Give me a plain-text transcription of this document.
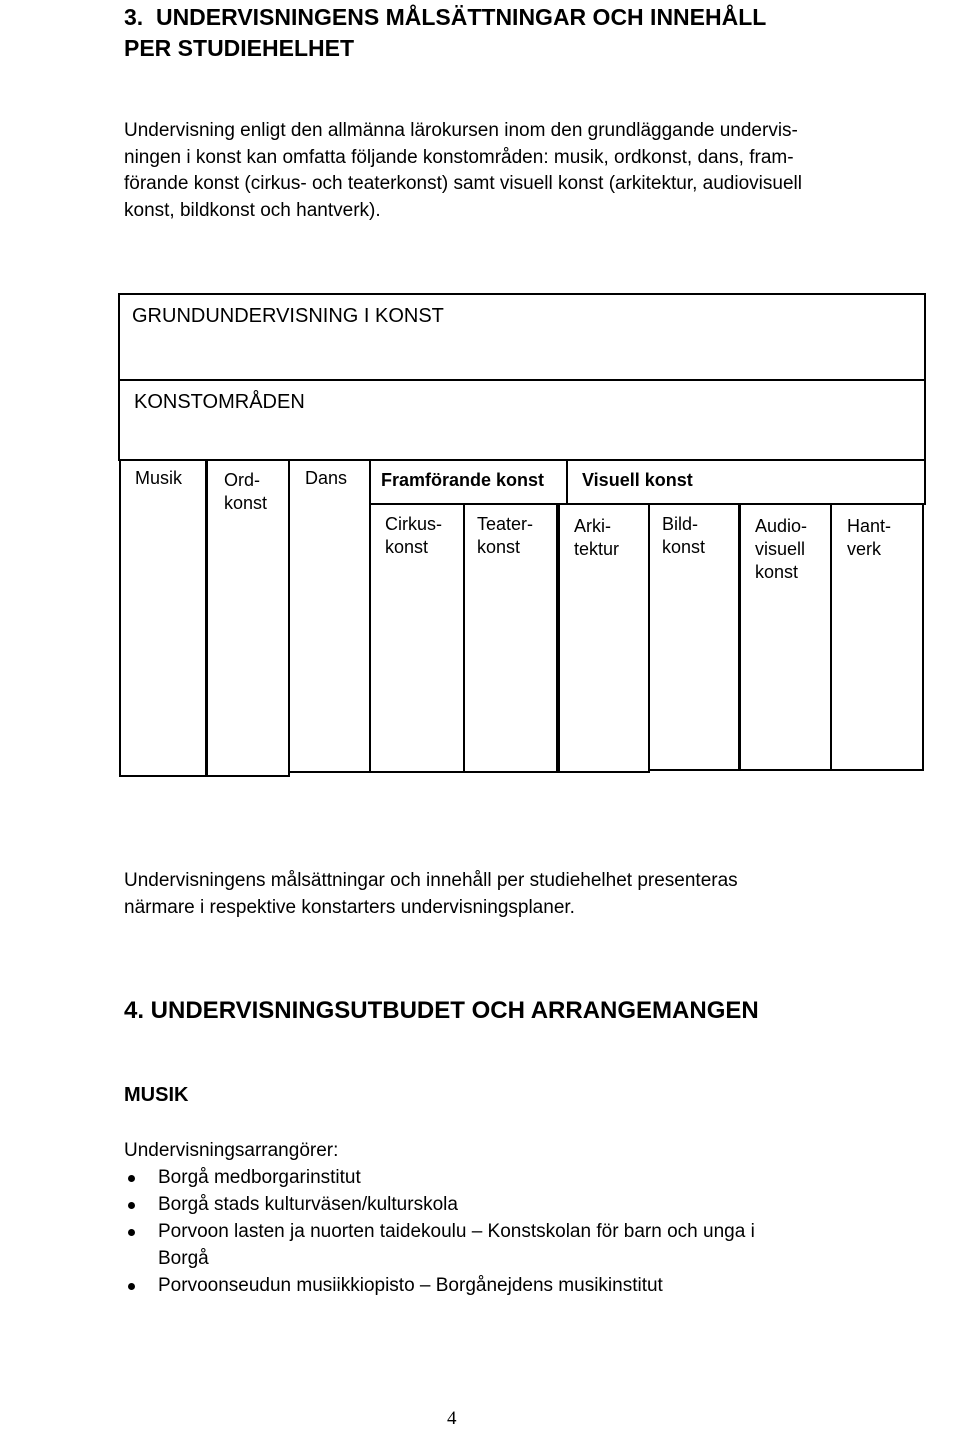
3.  UNDERVISNINGENS MÅLSÄTTNINGAR OCH INNEHÅLL
PER STUDIEHELHET
Undervisning enligt den allmänna lärokursen inom den grundläggande undervis-
ningen i konst kan omfatta följande konstområden: musik, ordkonst, dans, fram-
förande konst (cirkus- och teaterkonst) samt visuell konst (arkitektur, audiovisuell
konst, bildkonst och hantverk).
GRUNDUNDERVISNING I KONST
KONSTOMRÅDEN
Musik Ord-
konst
Dans Framförande konst Visuell konst
Cirkus-
konst
Teater-
konst
Arki-
tektur
Bild-
konst
Audio-
visuell
konst
Hant-
verk
Undervisningens målsättningar och innehåll per studiehelhet presenteras
närmare i respektive konstarters undervisningsplaner.
4. UNDERVISNINGSUTBUDET OCH ARRANGEMANGEN
MUSIK
Undervisningsarrangörer:
Borgå medborgarinstitut
Borgå stads kulturväsen/kulturskola
Porvoon lasten ja nuorten taidekoulu – Konstskolan för barn och unga i
Borgå
Porvoonseudun musiikkiopisto – Borgånejdens musikinstitut
4
